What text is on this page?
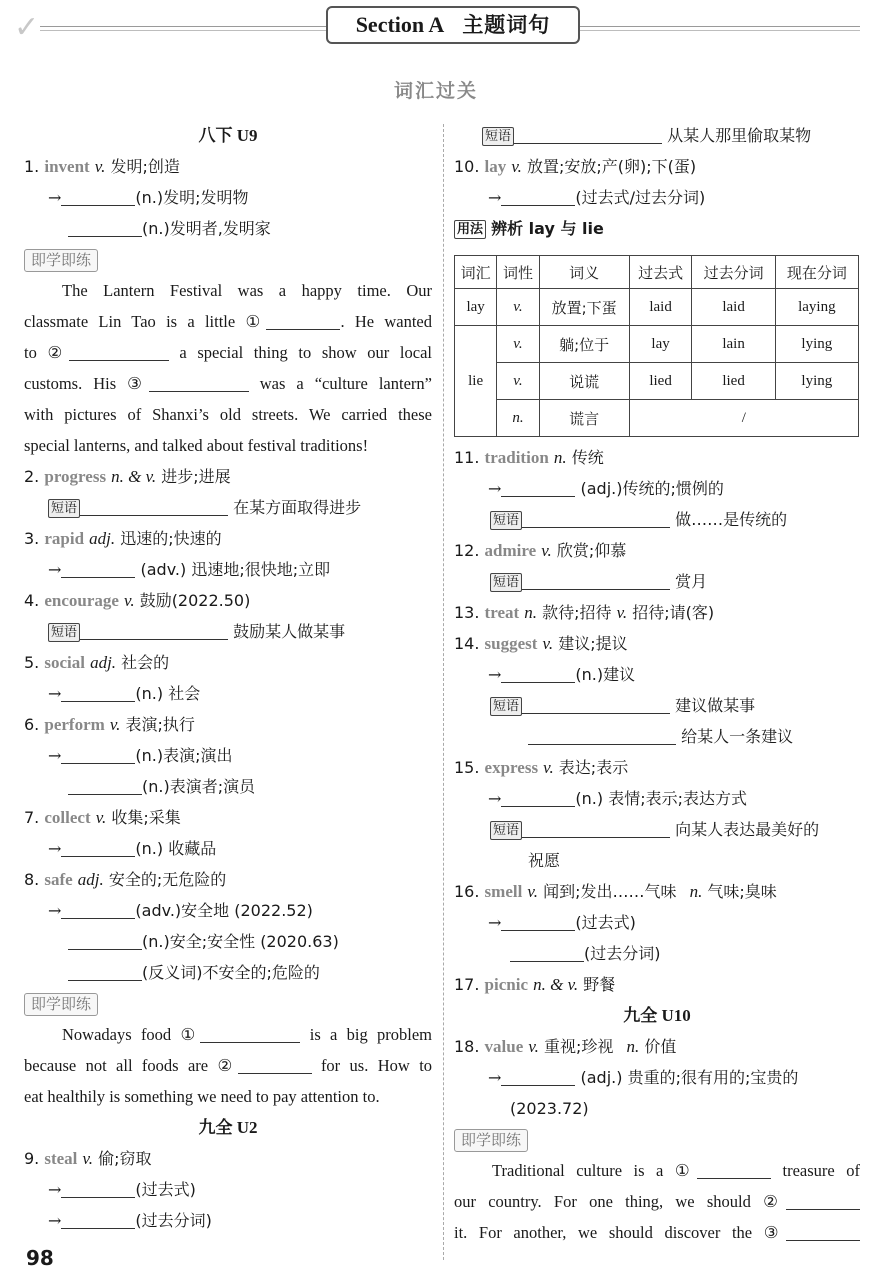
✓	Section A 主题词句
词汇过关
八下 U9
1. invent v. 发明;创造
→	(n.)发明;发明物
(n.)发明者,发明家
即学即练
The Lantern Festival was a happy time. Our
classmate Lin Tao is a little ①	. He wanted
to ②	a special thing to show our local
customs. His ③	was a “culture lantern”
with pictures of Shanxi’s old streets. We carried these
special lanterns, and talked about festival traditions!
2. progress n. & v. 进步;进展
短语	在某方面取得进步
3. rapid adj. 迅速的;快速的
→	(adv.) 迅速地;很快地;立即
4. encourage v. 鼓励(2022.50)
短语	鼓励某人做某事
5. social adj. 社会的
→	(n.) 社会
6. perform v. 表演;执行
→	(n.)表演;演出
(n.)表演者;演员
7. collect v. 收集;采集
→	(n.) 收藏品
8. safe adj. 安全的;无危险的
→	(adv.)安全地 (2022.52)
(n.)安全;安全性 (2020.63)
(反义词)不安全的;危险的
即学即练
Nowadays food ①	is a big problem
because not all foods are ②	for us. How to
eat healthily is something we need to pay attention to.
九全 U2
9. steal v. 偷;窃取
→	(过去式)
→	(过去分词)
短语	从某人那里偷取某物
10. lay v. 放置;安放;产(卵);下(蛋)
→	(过去式/过去分词)
用法 辨析 lay 与 lie
词汇	词性	词义	过去式	过去分词	现在分词
lay	v.	放置;下蛋	laid	laid	laying
lie	v.	躺;位于	lay	lain	lying
	v.	说谎	lied	lied	lying
	n.	谎言	/		
11. tradition n. 传统
→	(adj.)传统的;惯例的
短语	做……是传统的
12. admire v. 欣赏;仰慕
短语	赏月
13. treat n. 款待;招待 v. 招待;请(客)
14. suggest v. 建议;提议
→	(n.)建议
短语	建议做某事
给某人一条建议
15. express v. 表达;表示
→	(n.) 表情;表示;表达方式
短语	向某人表达最美好的
祝愿
16. smell v. 闻到;发出……气味 n. 气味;臭味
→	(过去式)
(过去分词)
17. picnic n. & v. 野餐
九全 U10
18. value v. 重视;珍视 n. 价值
→	(adj.) 贵重的;很有用的;宝贵的
(2023.72)
即学即练
Traditional culture is a ①	treasure of
our country. For one thing, we should ②
it. For another, we should discover the ③
98
